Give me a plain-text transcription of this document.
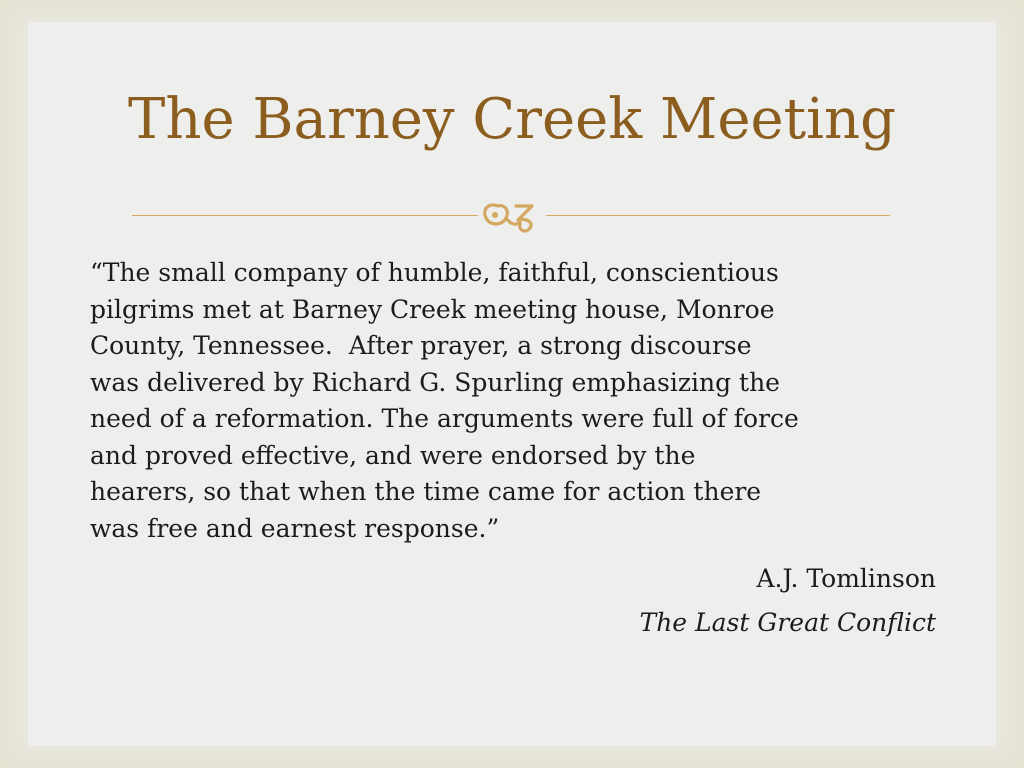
The Barney Creek Meeting
“The small company of humble, faithful, conscientious
pilgrims met at Barney Creek meeting house, Monroe
County, Tennessee.  After prayer, a strong discourse
was delivered by Richard G. Spurling emphasizing the
need of a reformation. The arguments were full of force
and proved effective, and were endorsed by the
hearers, so that when the time came for action there
was free and earnest response.”
A.J. Tomlinson
The Last Great Conflict
